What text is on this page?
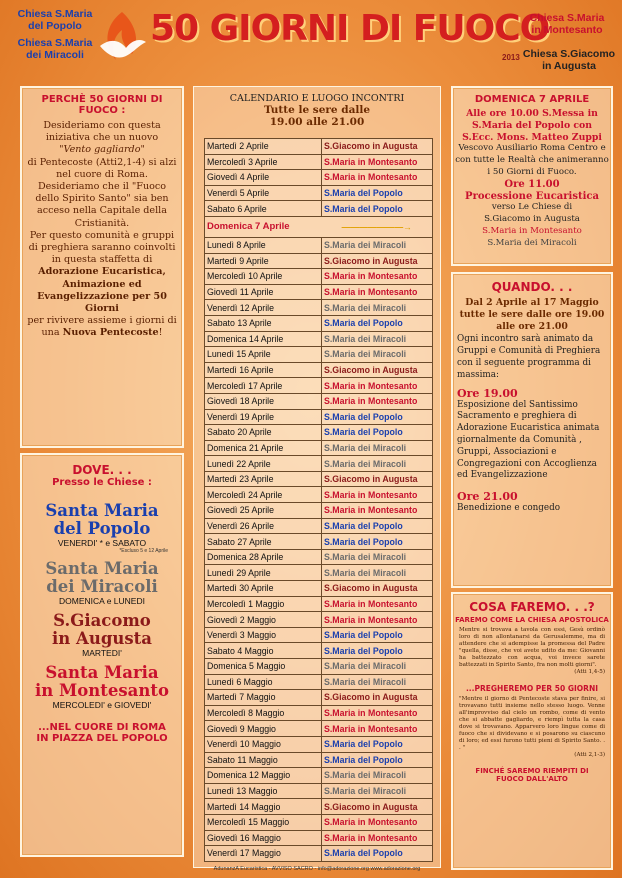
Chiesa S.Maria
del Popolo
Chiesa S.Maria
dei Miracoli
50 GIORNI DI FUOCO
2013
Chiesa S.Maria
in Montesanto
Chiesa S.Giacomo
in Augusta
PERCHÈ 50 GIORNI DI FUOCO :
Desideriamo con questa iniziativa che un nuovo
"Vento gagliardo"
di Pentecoste (Atti2,1-4) si alzi nel cuore di Roma. Desideriamo che il "Fuoco dello Spirito Santo" sia ben acceso nella Capitale della Cristianità.
Per questo comunità e gruppi di preghiera saranno coinvolti in questa staffetta di
Adorazione Eucaristica, Animazione ed Evangelizzazione per 50 Giorni
per rivivere assieme i giorni di una Nuova Pentecoste!
DOVE. . .
Presso le Chiese :
Santa Maria
del Popolo
VENERDI' * e SABATO
*Escluso 5 e 12 Aprile
Santa Maria
dei Miracoli
DOMENICA e LUNEDI
S.Giacomo
in Augusta
MARTEDI'
Santa Maria
in Montesanto
MERCOLEDI' e GIOVEDI'
...NEL CUORE DI ROMA
IN PIAZZA DEL POPOLO
CALENDARIO E LUOGO INCONTRI
Tutte le sere dalle
19.00 alle 21.00
Martedì 2 Aprile	S.Giacomo in Augusta
Mercoledì 3 Aprile	S.Maria in Montesanto
Giovedì 4 Aprile	S.Maria in Montesanto
Venerdì 5 Aprile	S.Maria del Popolo
Sabato 6 Aprile	S.Maria del Popolo
Domenica 7 Aprile	———————→
Lunedì 8 Aprile	S.Maria dei Miracoli
Martedì 9 Aprile	S.Giacomo in Augusta
Mercoledì 10 Aprile	S.Maria in Montesanto
Giovedì 11 Aprile	S.Maria in Montesanto
Venerdì 12 Aprile	S.Maria dei Miracoli
Sabato 13 Aprile	S.Maria del Popolo
Domenica 14 Aprile	S.Maria dei Miracoli
Lunedì 15 Aprile	S.Maria dei Miracoli
Martedì 16 Aprile	S.Giacomo in Augusta
Mercoledì 17 Aprile	S.Maria in Montesanto
Giovedì 18 Aprile	S.Maria in Montesanto
Venerdì 19 Aprile	S.Maria del Popolo
Sabato 20 Aprile	S.Maria del Popolo
Domenica 21 Aprile	S.Maria dei Miracoli
Lunedì 22 Aprile	S.Maria dei Miracoli
Martedì 23 Aprile	S.Giacomo in Augusta
Mercoledì 24 Aprile	S.Maria in Montesanto
Giovedì 25 Aprile	S.Maria in Montesanto
Venerdì 26 Aprile	S.Maria del Popolo
Sabato 27 Aprile	S.Maria del Popolo
Domenica 28 Aprile	S.Maria dei Miracoli
Lunedì 29 Aprile	S.Maria dei Miracoli
Martedì 30 Aprile	S.Giacomo in Augusta
Mercoledì 1 Maggio	S.Maria in Montesanto
Giovedì 2 Maggio	S.Maria in Montesanto
Venerdì 3 Maggio	S.Maria del Popolo
Sabato 4 Maggio	S.Maria del Popolo
Domenica 5 Maggio	S.Maria dei Miracoli
Lunedì 6 Maggio	S.Maria dei Miracoli
Martedì 7 Maggio	S.Giacomo in Augusta
Mercoledì 8 Maggio	S.Maria in Montesanto
Giovedì 9 Maggio	S.Maria in Montesanto
Venerdì 10 Maggio	S.Maria del Popolo
Sabato 11 Maggio	S.Maria del Popolo
Domenica 12 Maggio	S.Maria dei Miracoli
Lunedì 13 Maggio	S.Maria dei Miracoli
Martedì 14 Maggio	S.Giacomo in Augusta
Mercoledì 15 Maggio	S.Maria in Montesanto
Giovedì 16 Maggio	S.Maria in Montesanto
Venerdì 17 Maggio	S.Maria del Popolo
DOMENICA 7 APRILE
Alle ore 10.00 S.Messa in S.Maria del Popolo con
S.Ecc. Mons. Matteo Zuppi
Vescovo Ausiliario Roma Centro e con tutte le Realtà che animeranno i 50 Giorni di Fuoco.
Ore 11.00
Processione Eucaristica
verso Le Chiese di
S.Giacomo in Augusta
S.Maria in Montesanto
S.Maria dei Miracoli
QUANDO. . .
Dal 2 Aprile al 17 Maggio tutte le sere dalle ore 19.00 alle ore 21.00
Ogni incontro sarà animato da Gruppi e Comunità di Preghiera con il seguente programma di massima:
Ore 19.00
Esposizione del Santissimo Sacramento e preghiera di Adorazione Eucaristica animata giornalmente da Comunità , Gruppi, Associazioni e Congregazioni con Accoglienza ed Evangelizzazione
Ore 21.00
Benedizione e congedo
COSA FAREMO. . .?
FAREMO COME LA CHIESA APOSTOLICA
Mentre si trovava a tavola con essi, Gesù ordinò loro di non allontanarsi da Gerusalemme, ma di attendere che si adempisse la promessa del Padre "quella, disse, che voi avete udito da me: Giovanni ha battezzato con acqua, voi invece sarete battezzati in Spirito Santo, fra non molti giorni".
(Atti 1,4-5)
...PREGHEREMO PER 50 GIORNI
"Mentre il giorno di Pentecoste stava per finire, si trovavano tutti insieme nello stesso luogo. Venne all'improvviso dal cielo un rombo, come di vento che si abbatte gagliardo, e riempì tutta la casa dove si trovavano. Apparvero loro lingue come di fuoco che si dividevano e si posarono su ciascuno di loro; ed essi furono tutti pieni di Spirito Santo. . . "
(Atti 2,1-3)
FINCHÉ SAREMO RIEMPITI DI FUOCO DALL'ALTO
AdunanzA Eucaristica - AVVISO SACRO - info@adorazione.org www.adorazione.org
